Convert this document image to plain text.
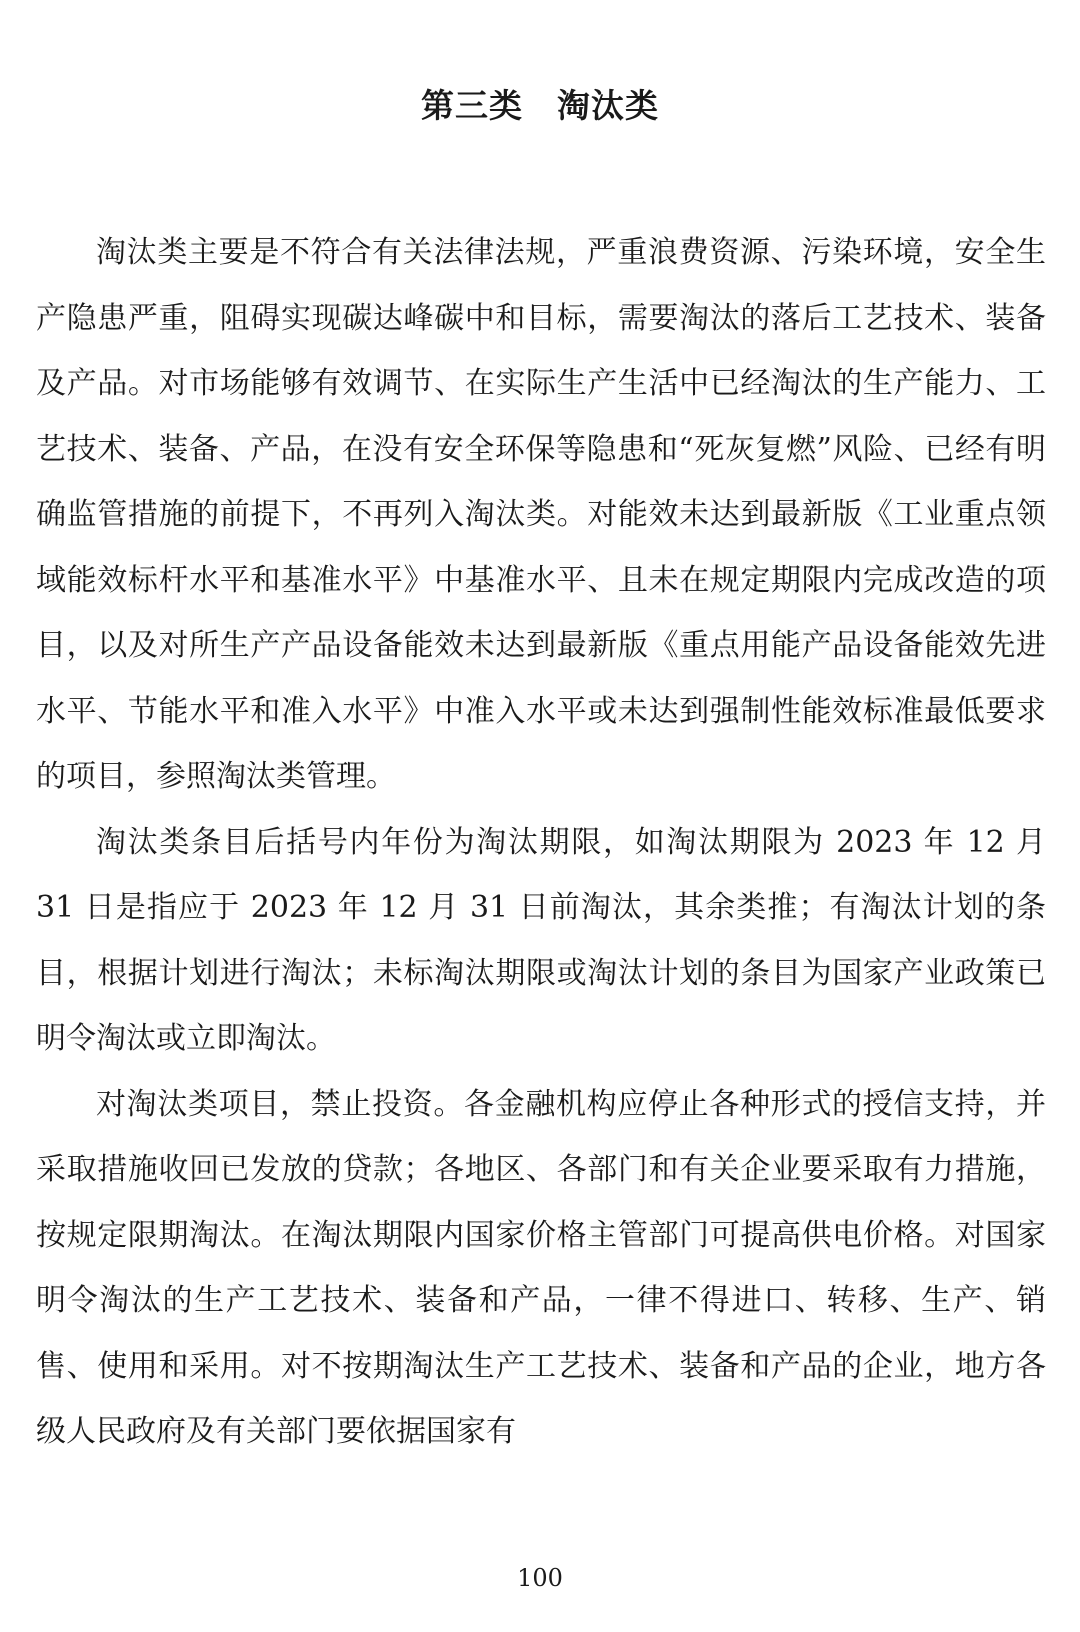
第三类　淘汰类

淘汰类主要是不符合有关法律法规，严重浪费资源、污染环境，安全生产隐患严重，阻碍实现碳达峰碳中和目标，需要淘汰的落后工艺技术、装备及产品。对市场能够有效调节、在实际生产生活中已经淘汰的生产能力、工艺技术、装备、产品，在没有安全环保等隐患和“死灰复燃”风险、已经有明确监管措施的前提下，不再列入淘汰类。对能效未达到最新版《工业重点领域能效标杆水平和基准水平》中基准水平、且未在规定期限内完成改造的项目，以及对所生产产品设备能效未达到最新版《重点用能产品设备能效先进水平、节能水平和准入水平》中准入水平或未达到强制性能效标准最低要求的项目，参照淘汰类管理。

淘汰类条目后括号内年份为淘汰期限，如淘汰期限为 2023 年 12 月 31 日是指应于 2023 年 12 月 31 日前淘汰，其余类推；有淘汰计划的条目，根据计划进行淘汰；未标淘汰期限或淘汰计划的条目为国家产业政策已明令淘汰或立即淘汰。

对淘汰类项目，禁止投资。各金融机构应停止各种形式的授信支持，并采取措施收回已发放的贷款；各地区、各部门和有关企业要采取有力措施，按规定限期淘汰。在淘汰期限内国家价格主管部门可提高供电价格。对国家明令淘汰的生产工艺技术、装备和产品，一律不得进口、转移、生产、销售、使用和采用。对不按期淘汰生产工艺技术、装备和产品的企业，地方各级人民政府及有关部门要依据国家有

100
